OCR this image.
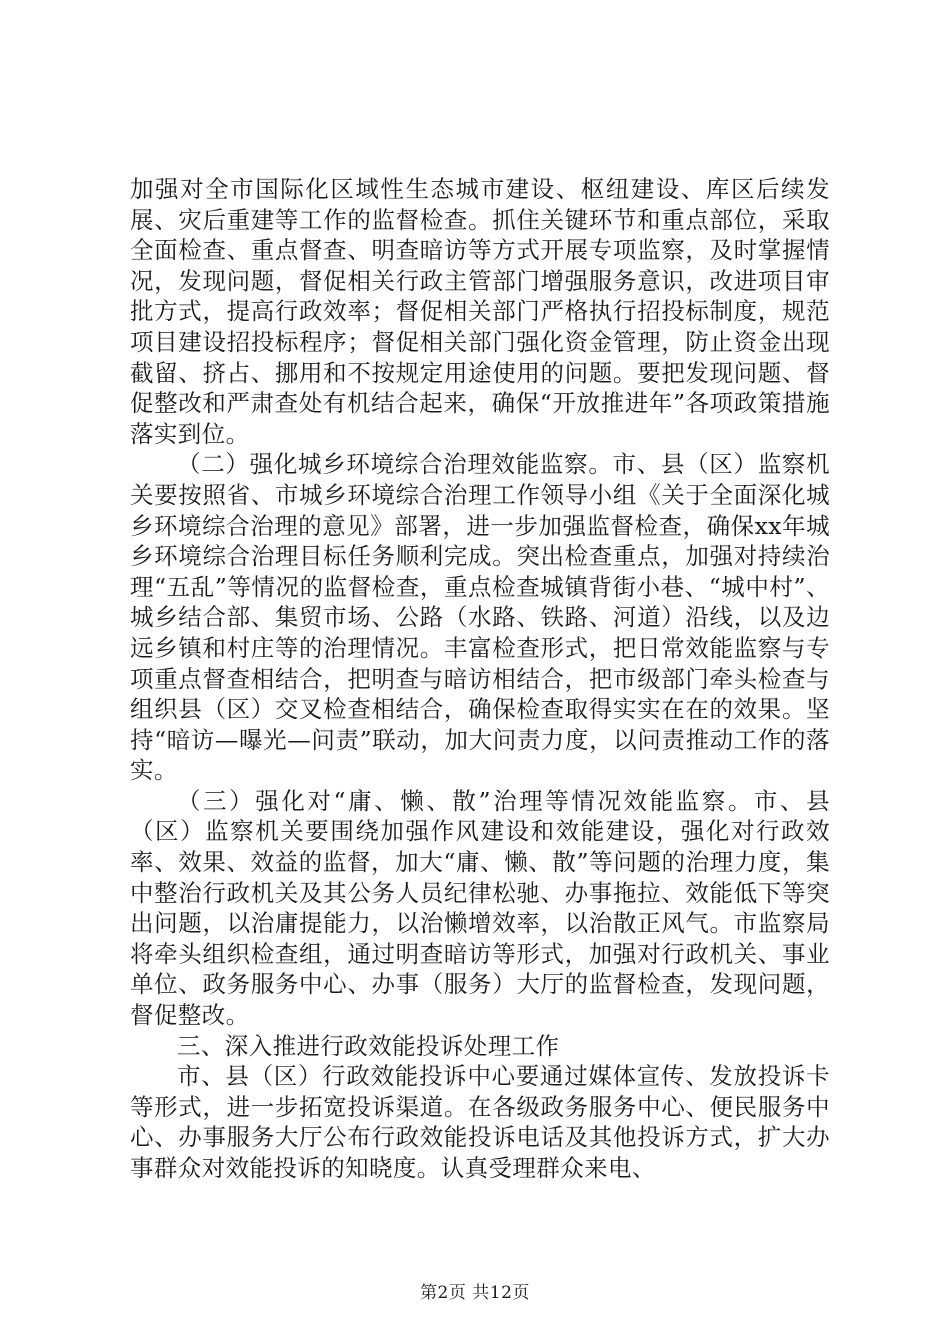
加强对全市国际化区域性生态城市建设、枢纽建设、库区后续发展、灾后重建等工作的监督检查。抓住关键环节和重点部位，采取全面检查、重点督查、明查暗访等方式开展专项监察，及时掌握情况，发现问题，督促相关行政主管部门增强服务意识，改进项目审批方式，提高行政效率；督促相关部门严格执行招投标制度，规范项目建设招投标程序；督促相关部门强化资金管理，防止资金出现截留、挤占、挪用和不按规定用途使用的问题。要把发现问题、督促整改和严肃查处有机结合起来，确保“开放推进年”各项政策措施落实到位。

（二）强化城乡环境综合治理效能监察。市、县（区）监察机关要按照省、市城乡环境综合治理工作领导小组《关于全面深化城乡环境综合治理的意见》部署，进一步加强监督检查，确保xx年城乡环境综合治理目标任务顺利完成。突出检查重点，加强对持续治理“五乱”等情况的监督检查，重点检查城镇背街小巷、“城中村”、城乡结合部、集贸市场、公路（水路、铁路、河道）沿线，以及边远乡镇和村庄等的治理情况。丰富检查形式，把日常效能监察与专项重点督查相结合，把明查与暗访相结合，把市级部门牵头检查与组织县（区）交叉检查相结合，确保检查取得实实在在的效果。坚持“暗访—曝光—问责”联动，加大问责力度，以问责推动工作的落实。

（三）强化对“庸、懒、散”治理等情况效能监察。市、县（区）监察机关要围绕加强作风建设和效能建设，强化对行政效率、效果、效益的监督，加大“庸、懒、散”等问题的治理力度，集中整治行政机关及其公务人员纪律松驰、办事拖拉、效能低下等突出问题，以治庸提能力，以治懒增效率，以治散正风气。市监察局将牵头组织检查组，通过明查暗访等形式，加强对行政机关、事业单位、政务服务中心、办事（服务）大厅的监督检查，发现问题，督促整改。

三、深入推进行政效能投诉处理工作

市、县（区）行政效能投诉中心要通过媒体宣传、发放投诉卡等形式，进一步拓宽投诉渠道。在各级政务服务中心、便民服务中心、办事服务大厅公布行政效能投诉电话及其他投诉方式，扩大办事群众对效能投诉的知晓度。认真受理群众来电、

第2页 共12页
